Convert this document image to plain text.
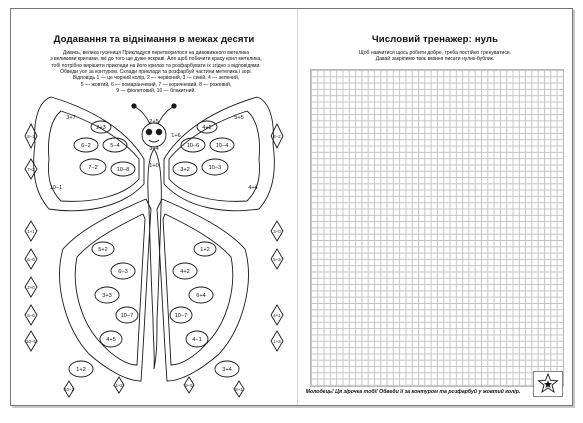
Додавання та віднімання в межах десяти
Дивись, велика гусениця Прикладуся перетворилося на дивовижного метелика
з великими крилами, які до того ще дуже яскраві. Але щоб побачити красу крил метелика,
тобі потрібно вирішити приклади на його крилах та розфарбувати їх згідно з відповідями.
Обведи усе за контуром. Склади приклади та розфарбуй частини метелика і зорі.
Відповідь 1 — це чорний колір, 2 — червоний, 3 — синій, 4 — зелений,
5 — жовтий, 6 — помаранчевий, 7 — коричневий, 8 — рожевий,
9 — фіолетовий, 10 — блакитний.
2+5
3+4
1+0
1+6
2+3
6−2	5−4
7−2	10−8
3+7
10−1
4+2
10−4
10−6
10−3
3+2
5+5
4+4
5+2
6−3
3+3
10−7
4+5
1+2
1+2
4+2
6+4
10−7
4−1
3+4
8−1
7+2
1+1
6−0
2+0
5−0
10−5
8−2
3−0
5−3
4+1
1+3
4+2	9−5
10−2	8+1
Числовий тренажер: нуль
Щоб навчитися щось робити добре, треба постійно тренуватися.
Давай закріпимо твоє вміння писати нулик-бублик.
Молодець! Ця зірочка тобі! Обведи її за контуром та розфарбуй у жовтий колір.
